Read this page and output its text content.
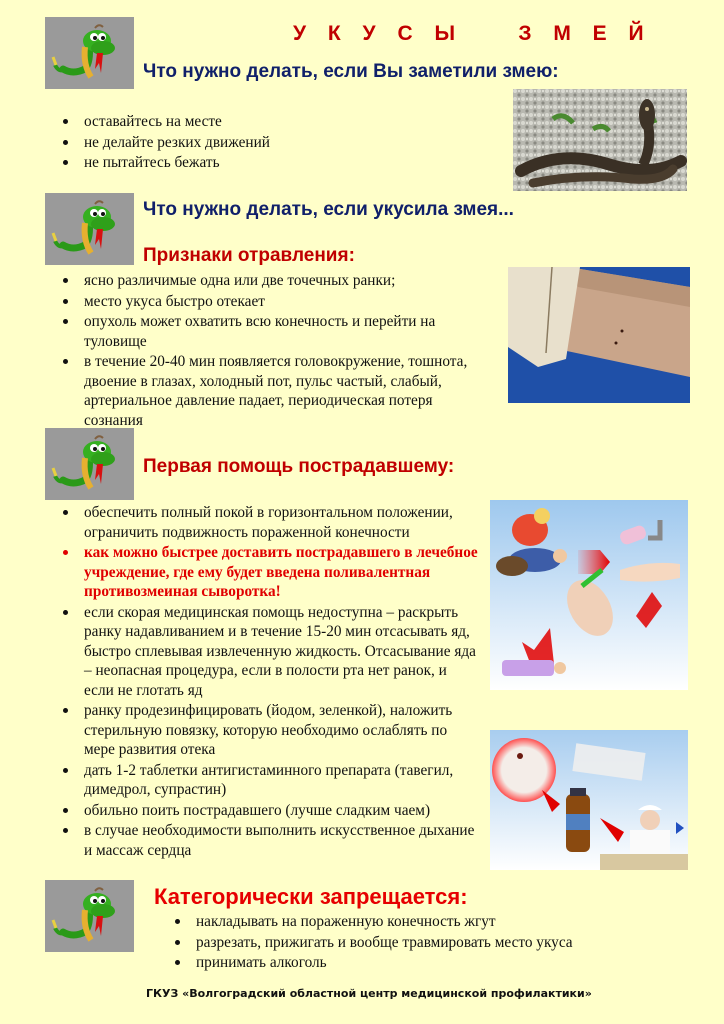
У К У С Ы    З М Е Й
Что нужно делать, если Вы заметили змею:
оставайтесь на месте
не делайте резких движений
не пытайтесь бежать
Что нужно делать, если укусила змея...
Признаки отравления:
ясно различимые одна или две точечных ранки;
место укуса быстро отекает
опухоль может охватить всю конечность и перейти на туловище
в течение 20-40 мин появляется головокружение, тошнота, двоение в глазах, холодный пот, пульс частый, слабый, артериальное давление падает, периодическая потеря сознания
Первая помощь пострадавшему:
обеспечить полный покой в горизонтальном положении, ограничить подвижность пораженной конечности
как можно быстрее доставить пострадавшего в лечебное учреждение, где ему будет введена поливалентная противозмеиная сыворотка!
если скорая медицинская помощь недоступна – раскрыть ранку надавливанием и в течение 15-20 мин отсасывать яд, быстро сплевывая извлеченную жидкость. Отсасывание яда – неопасная процедура, если в полости рта нет ранок, и если не глотать яд
ранку продезинфицировать (йодом, зеленкой), наложить стерильную повязку, которую необходимо ослаблять по мере развития отека
дать 1-2 таблетки антигистаминного препарата (тавегил, димедрол, супрастин)
обильно поить пострадавшего (лучше сладким чаем)
в случае необходимости выполнить искусственное дыхание и массаж сердца
Категорически запрещается:
накладывать на пораженную конечность жгут
разрезать, прижигать и вообще травмировать место укуса
принимать алкоголь
ГКУЗ «Волгоградский областной центр медицинской профилактики»
